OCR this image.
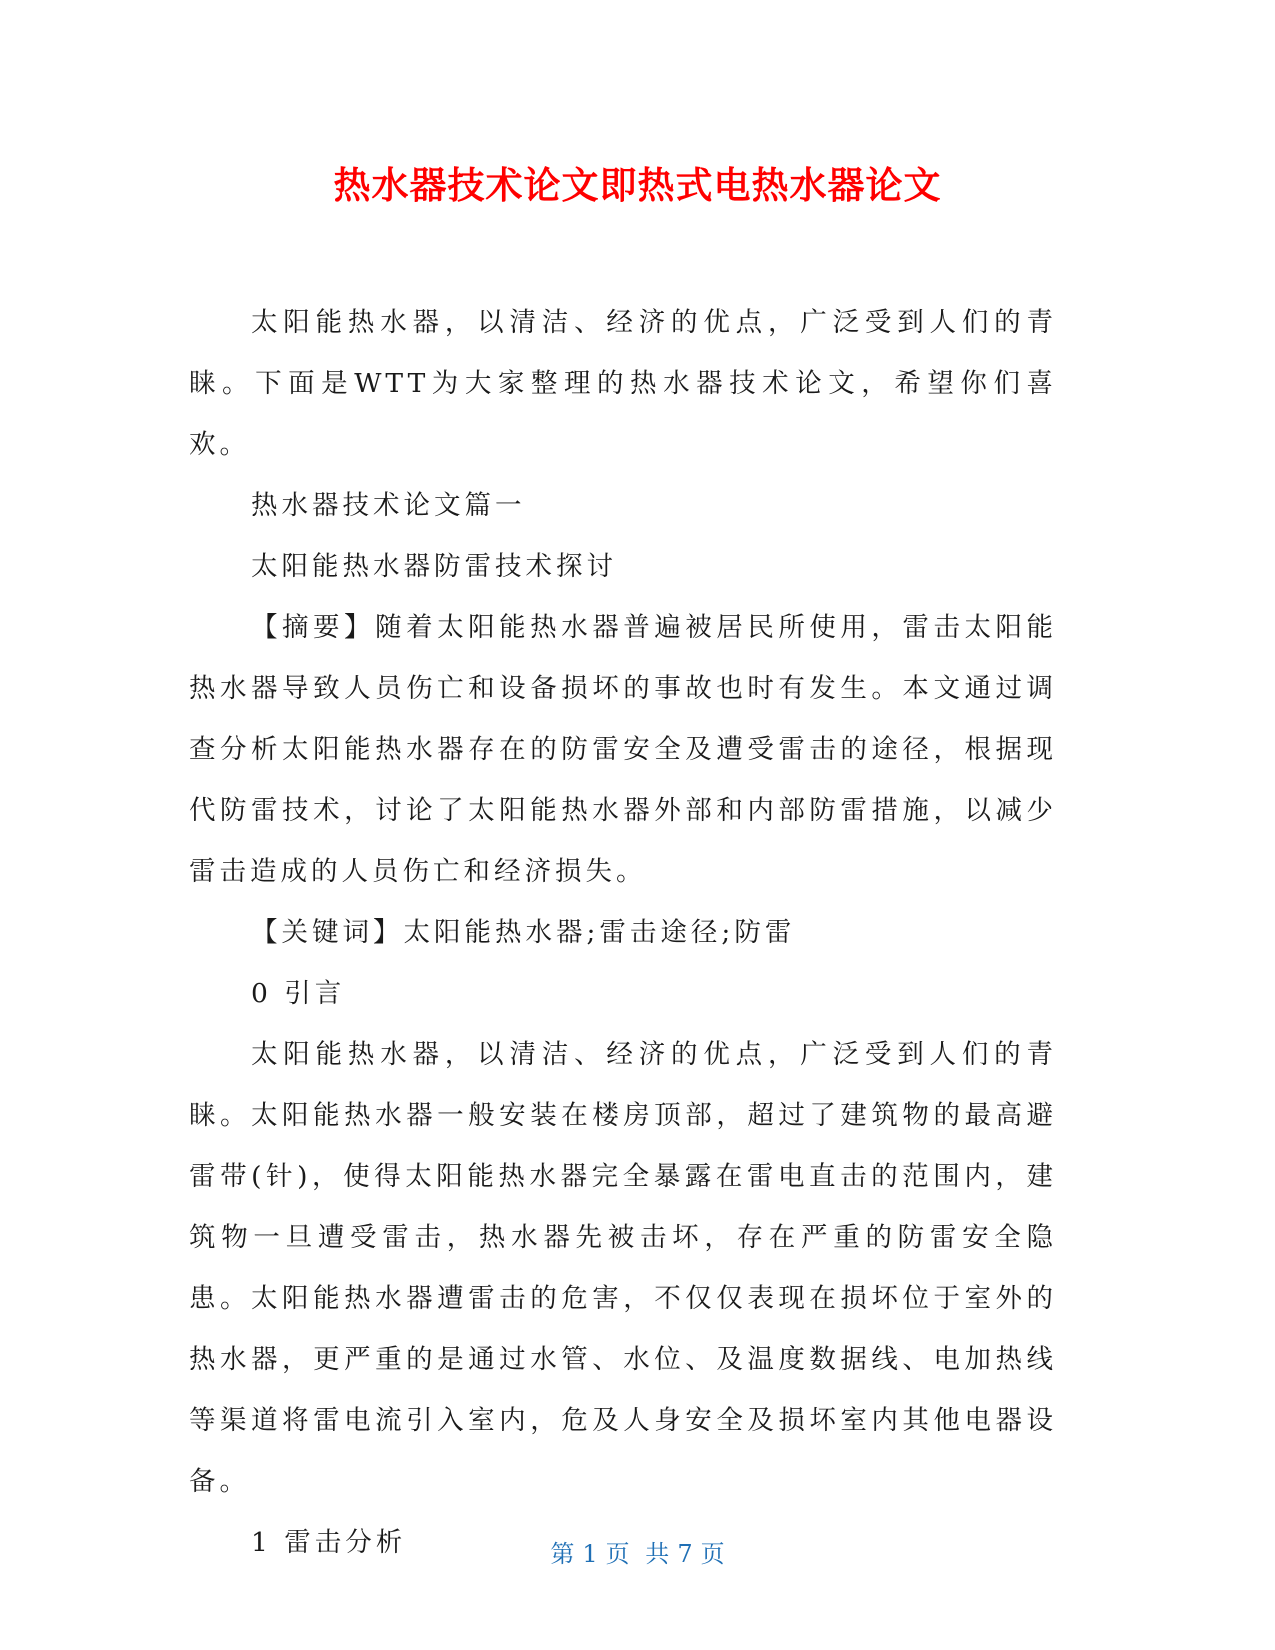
热水器技术论文即热式电热水器论文

太阳能热水器，以清洁、经济的优点，广泛受到人们的青睐。下面是WTT为大家整理的热水器技术论文，希望你们喜欢。

热水器技术论文篇一

太阳能热水器防雷技术探讨

【摘要】随着太阳能热水器普遍被居民所使用，雷击太阳能热水器导致人员伤亡和设备损坏的事故也时有发生。本文通过调查分析太阳能热水器存在的防雷安全及遭受雷击的途径，根据现代防雷技术，讨论了太阳能热水器外部和内部防雷措施，以减少雷击造成的人员伤亡和经济损失。

【关键词】太阳能热水器;雷击途径;防雷

0 引言

太阳能热水器，以清洁、经济的优点，广泛受到人们的青睐。太阳能热水器一般安装在楼房顶部，超过了建筑物的最高避雷带(针)，使得太阳能热水器完全暴露在雷电直击的范围内，建筑物一旦遭受雷击，热水器先被击坏，存在严重的防雷安全隐患。太阳能热水器遭雷击的危害，不仅仅表现在损坏位于室外的热水器，更严重的是通过水管、水位、及温度数据线、电加热线等渠道将雷电流引入室内，危及人身安全及损坏室内其他电器设备。

1 雷击分析	第 1 页 共 7 页
